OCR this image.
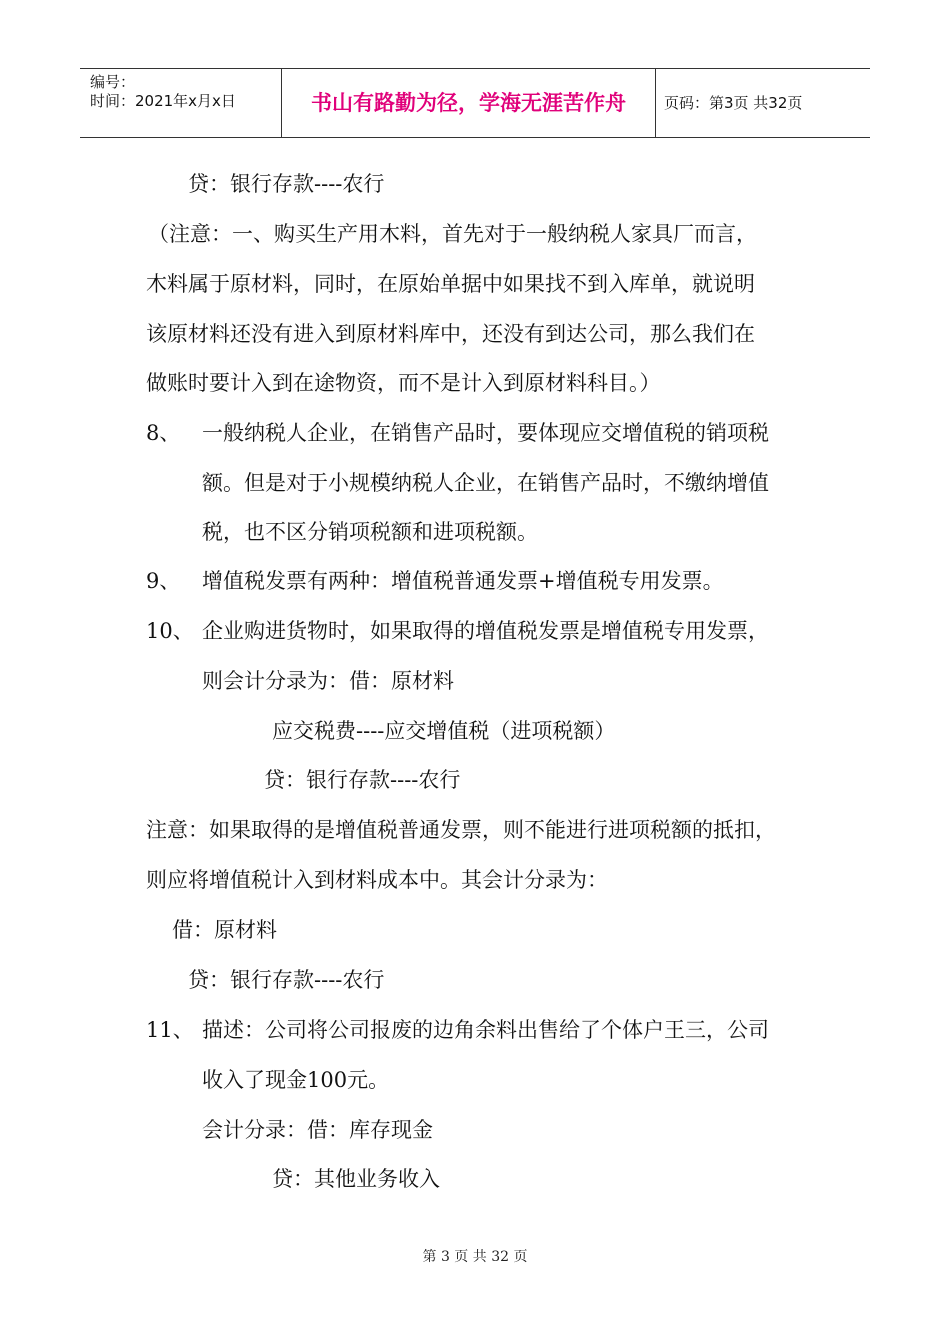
编号：
时间：2021年x月x日	书山有路勤为径，学海无涯苦作舟	页码：第3页 共32页
贷：银行存款----农行
（注意：一、购买生产用木料，首先对于一般纳税人家具厂而言，
木料属于原材料，同时，在原始单据中如果找不到入库单，就说明
该原材料还没有进入到原材料库中，还没有到达公司，那么我们在
做账时要计入到在途物资，而不是计入到原材料科目。）
8、 一般纳税人企业，在销售产品时，要体现应交增值税的销项税
额。但是对于小规模纳税人企业，在销售产品时，不缴纳增值
税，也不区分销项税额和进项税额。
9、 增值税发票有两种：增值税普通发票+增值税专用发票。
10、 企业购进货物时，如果取得的增值税发票是增值税专用发票，
则会计分录为：借：原材料
应交税费----应交增值税（进项税额）
贷：银行存款----农行
注意：如果取得的是增值税普通发票，则不能进行进项税额的抵扣，
则应将增值税计入到材料成本中。其会计分录为：
借：原材料
贷：银行存款----农行
11、 描述：公司将公司报废的边角余料出售给了个体户王三，公司
收入了现金100元。
会计分录：借：库存现金
贷：其他业务收入
第 3 页 共 32 页
